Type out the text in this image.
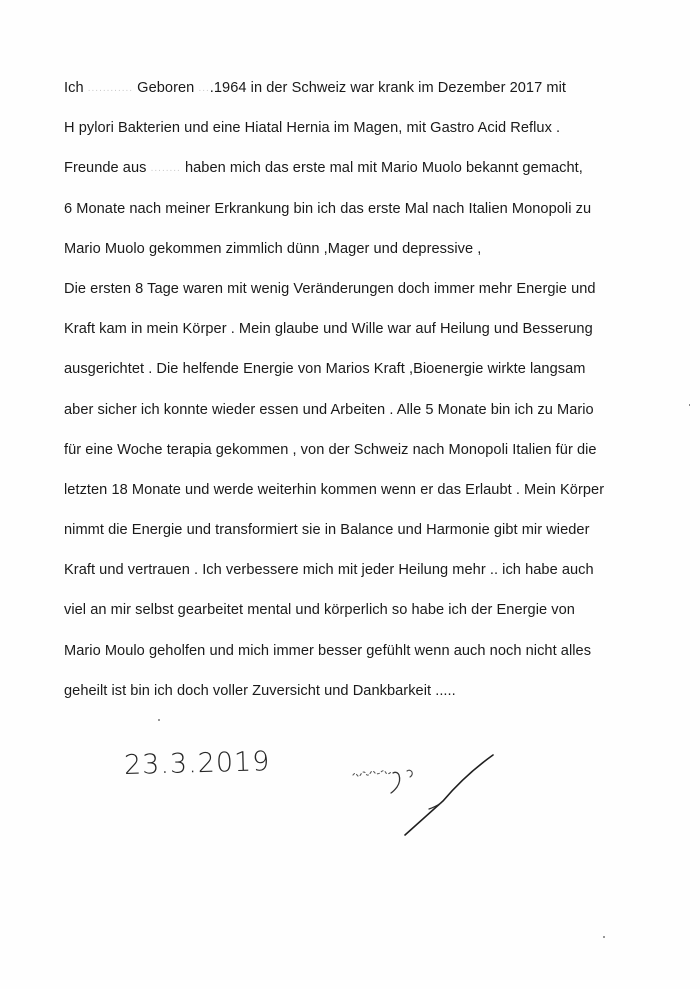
Ich ............ Geboren ....1964 in der Schweiz war krank im Dezember 2017 mit
H pylori Bakterien und eine Hiatal Hernia im Magen, mit Gastro Acid Reflux .
Freunde aus ........ haben mich das erste mal mit Mario Muolo bekannt gemacht,
6 Monate nach meiner Erkrankung bin ich das erste Mal nach Italien Monopoli zu
Mario Muolo gekommen zimmlich dünn ,Mager und depressive ,
Die ersten 8 Tage waren mit wenig Veränderungen doch immer mehr Energie und
Kraft kam in mein Körper . Mein glaube und Wille war auf Heilung und Besserung
ausgerichtet . Die helfende Energie von Marios Kraft ,Bioenergie wirkte langsam
aber sicher ich konnte wieder essen und Arbeiten . Alle 5 Monate bin ich zu Mario
für eine Woche terapia gekommen , von der Schweiz nach Monopoli Italien für die
letzten 18 Monate und werde weiterhin kommen wenn er das Erlaubt . Mein Körper
nimmt die Energie und transformiert sie in Balance und Harmonie gibt mir wieder
Kraft und vertrauen . Ich verbessere mich mit jeder Heilung mehr .. ich habe auch
viel an mir selbst gearbeitet mental und körperlich so habe ich der Energie von
Mario Moulo geholfen und mich immer besser gefühlt wenn auch noch nicht alles
geheilt ist bin ich doch voller Zuversicht und Dankbarkeit .....
23.3.2019
